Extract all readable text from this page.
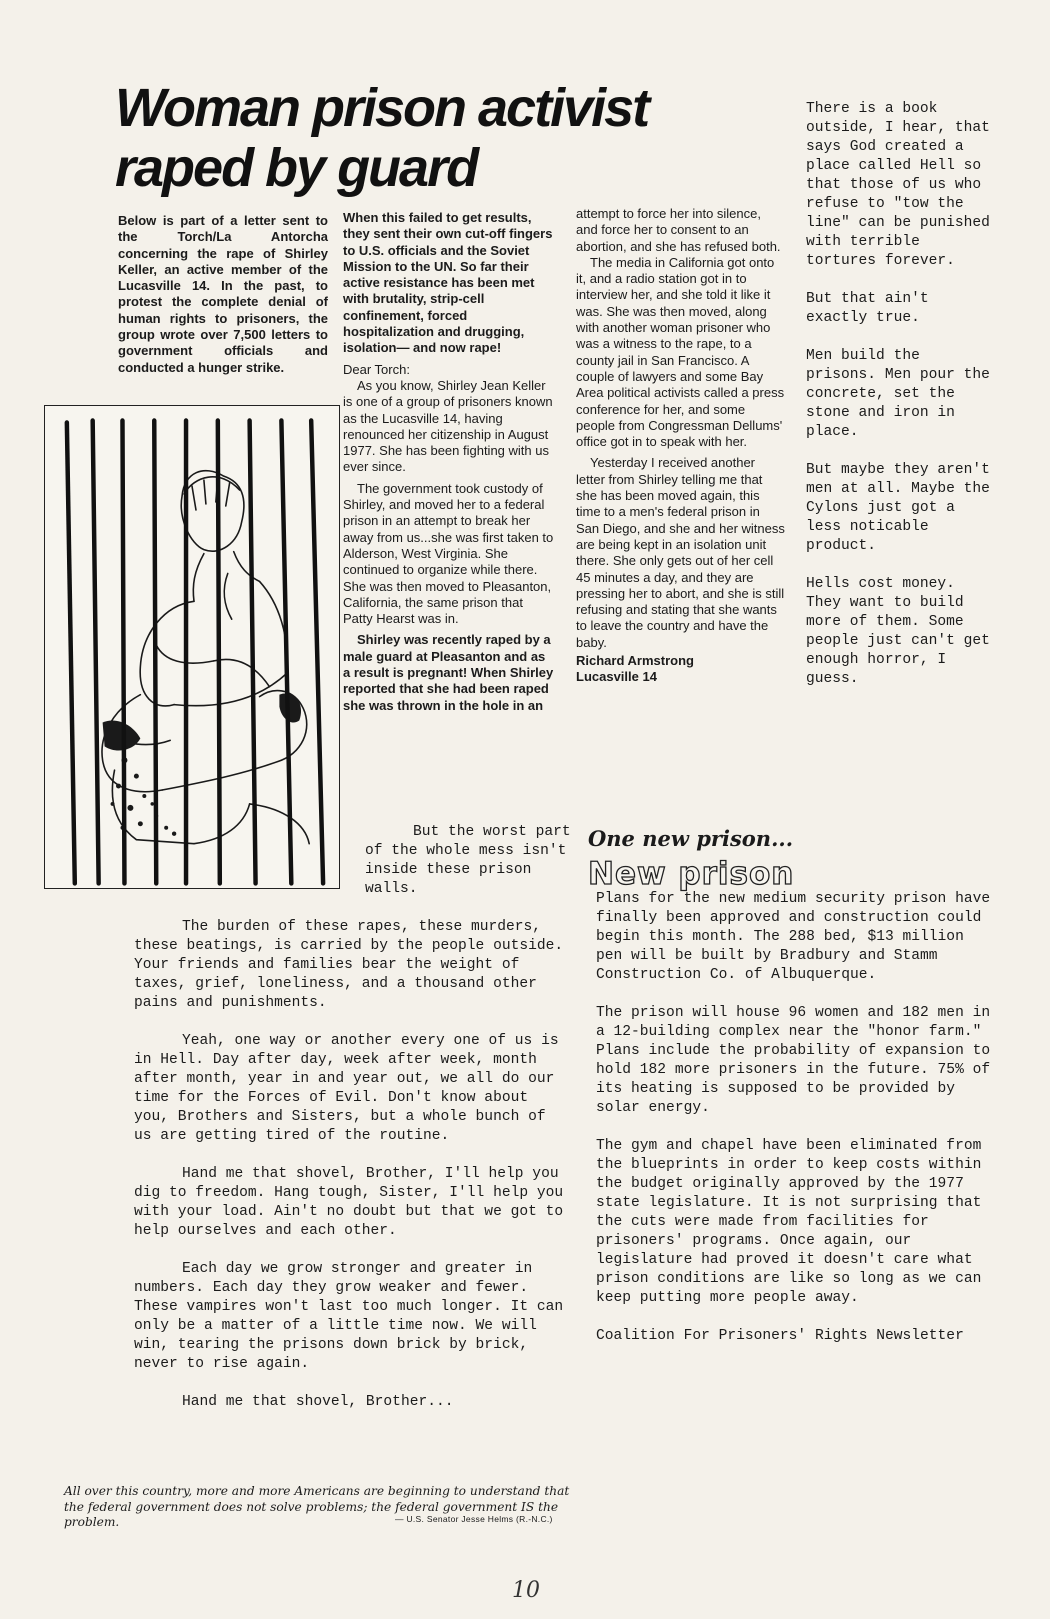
Woman prison activist raped by guard
Below is part of a letter sent to the Torch/La Antorcha concerning the rape of Shirley Keller, an active member of the Lucasville 14. In the past, to protest the complete denial of human rights to prisoners, the group wrote over 7,500 letters to government officials and conducted a hunger strike.

When this failed to get results, they sent their own cut-off fingers to U.S. officials and the Soviet Mission to the UN. So far their active resistance has been met with brutality, strip-cell confinement, forced hospitalization and drugging, isolation— and now rape!

Dear Torch:

As you know, Shirley Jean Keller is one of a group of prisoners known as the Lucasville 14, having renounced her citizenship in August 1977. She has been fighting with us ever since.

The government took custody of Shirley, and moved her to a federal prison in an attempt to break her away from us...she was first taken to Alderson, West Virginia. She continued to organize while there. She was then moved to Pleasanton, California, the same prison that Patty Hearst was in.

Shirley was recently raped by a male guard at Pleasanton and as a result is pregnant! When Shirley reported that she had been raped she was thrown in the hole in an

attempt to force her into silence, and force her to consent to an abortion, and she has refused both.

The media in California got onto it, and a radio station got in to interview her, and she told it like it was. She was then moved, along with another woman prisoner who was a witness to the rape, to a county jail in San Francisco. A couple of lawyers and some Bay Area political activists called a press conference for her, and some people from Congressman Dellums' office got in to speak with her.

Yesterday I received another letter from Shirley telling me that she has been moved again, this time to a men's federal prison in San Diego, and she and her witness are being kept in an isolation unit there. She only gets out of her cell 45 minutes a day, and they are pressing her to abort, and she is still refusing and stating that she wants to leave the country and have the baby.

Richard Armstrong
Lucasville 14

There is a book outside, I hear, that says God created a place called Hell so that those of us who refuse to "tow the line" can be punished with terrible tortures forever.

But that ain't exactly true.

Men build the prisons. Men pour the concrete, set the stone and iron in place.

But maybe they aren't men at all. Maybe the Cylons just got a less noticable product.

Hells cost money. They want to build more of them. Some people just can't get enough horror, I guess.

But the worst part of the whole mess isn't inside these prison walls.

The burden of these rapes, these murders, these beatings, is carried by the people outside. Your friends and families bear the weight of taxes, grief, loneliness, and a thousand other pains and punishments.

Yeah, one way or another every one of us is in Hell. Day after day, week after week, month after month, year in and year out, we all do our time for the Forces of Evil. Don't know about you, Brothers and Sisters, but a whole bunch of us are getting tired of the routine.

Hand me that shovel, Brother, I'll help you dig to freedom. Hang tough, Sister, I'll help you with your load. Ain't no doubt but that we got to help ourselves and each other.

Each day we grow stronger and greater in numbers. Each day they grow weaker and fewer. These vampires won't last too much longer. It can only be a matter of a little time now. We will win, tearing the prisons down brick by brick, never to rise again.

Hand me that shovel, Brother...

One new prison...

New prison

Plans for the new medium security prison have finally been approved and construction could begin this month. The 288 bed, $13 million pen will be built by Bradbury and Stamm Construction Co. of Albuquerque.

The prison will house 96 women and 182 men in a 12-building complex near the "honor farm." Plans include the probability of expansion to hold 182 more prisoners in the future. 75% of its heating is supposed to be provided by solar energy.

The gym and chapel have been eliminated from the blueprints in order to keep costs within the budget originally approved by the 1977 state legislature. It is not surprising that the cuts were made from facilities for prisoners' programs. Once again, our legislature had proved it doesn't care what prison conditions are like so long as we can keep putting more people away.

Coalition For Prisoners' Rights Newsletter

All over this country, more and more Americans are beginning to understand that the federal government does not solve problems; the federal government IS the problem.	— U.S. Senator Jesse Helms (R.-N.C.)

10
